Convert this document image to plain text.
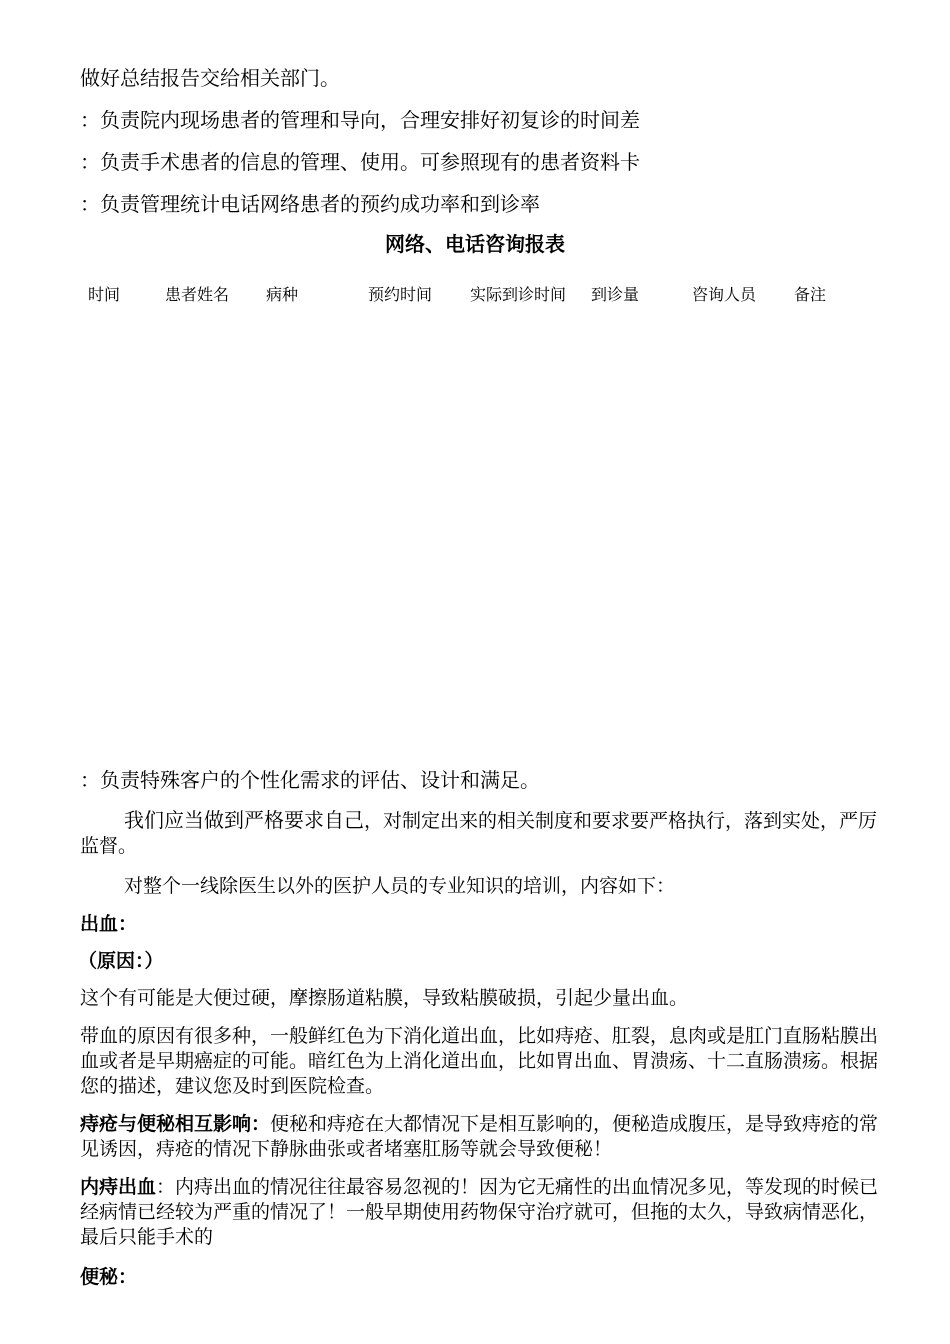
做好总结报告交给相关部门。
：负责院内现场患者的管理和导向，合理安排好初复诊的时间差
：负责手术患者的信息的管理、使用。可参照现有的患者资料卡
：负责管理统计电话网络患者的预约成功率和到诊率
网络、电话咨询报表
时间	患者姓名 病种	预约时间 实际到诊时间 到诊量	咨询人员 备注
：负责特殊客户的个性化需求的评估、设计和满足。
我们应当做到严格要求自己，对制定出来的相关制度和要求要严格执行，落到实处，严厉监督。
对整个一线除医生以外的医护人员的专业知识的培训，内容如下：
出血：
（原因：）
这个有可能是大便过硬，摩擦肠道粘膜，导致粘膜破损，引起少量出血。
带血的原因有很多种，一般鲜红色为下消化道出血，比如痔疮、肛裂，息肉或是肛门直肠粘膜出血或者是早期癌症的可能。暗红色为上消化道出血，比如胃出血、胃溃疡、十二直肠溃疡。根据您的描述，建议您及时到医院检查。
痔疮与便秘相互影响：便秘和痔疮在大都情况下是相互影响的，便秘造成腹压，是导致痔疮的常见诱因，痔疮的情况下静脉曲张或者堵塞肛肠等就会导致便秘！
内痔出血：内痔出血的情况往往最容易忽视的！因为它无痛性的出血情况多见，等发现的时候已经病情已经较为严重的情况了！一般早期使用药物保守治疗就可，但拖的太久，导致病情恶化，最后只能手术的
便秘：
